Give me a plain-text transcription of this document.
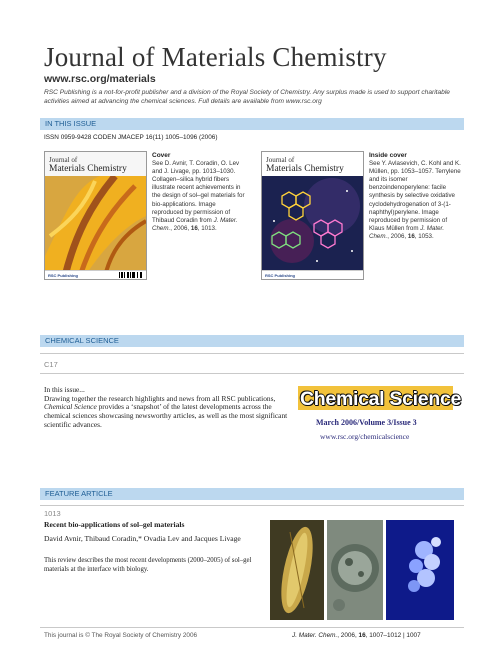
Journal of Materials Chemistry
www.rsc.org/materials
RSC Publishing is a not-for-profit publisher and a division of the Royal Society of Chemistry. Any surplus made is used to support charitable activities aimed at advancing the chemical sciences. Full details are available from www.rsc.org
IN THIS ISSUE
ISSN 0959-9428 CODEN JMACEP 16(11) 1005–1096 (2006)
Journal of
Materials Chemistry
RSC Publishing
Cover
See D. Avnir, T. Coradin, O. Lev and J. Livage, pp. 1013–1030. Collagen–silica hybrid fibers illustrate recent achievements in the design of sol–gel materials for bio-applications. Image reproduced by permission of Thibaud Coradin from J. Mater. Chem., 2006, 16, 1013.
Journal of
Materials Chemistry
RSC Publishing
Inside cover
See Y. Avlasevich, C. Kohl and K. Müllen, pp. 1053–1057. Terrylene and its isomer benzoindenoperylene: facile synthesis by selective oxidative cyclodehydrogenation of 3-(1-naphthyl)perylene. Image reproduced by permission of Klaus Müllen from J. Mater. Chem., 2006, 16, 1053.
CHEMICAL SCIENCE
C17
In this issue...
Drawing together the research highlights and news from all RSC publications, Chemical Science provides a ‘snapshot’ of the latest developments across the chemical sciences showcasing newsworthy articles, as well as the most significant scientific advances.
Chemical Science
March 2006/Volume 3/Issue 3
www.rsc.org/chemicalscience
FEATURE ARTICLE
1013
Recent bio-applications of sol–gel materials
David Avnir, Thibaud Coradin,* Ovadia Lev and Jacques Livage
This review describes the most recent developments (2000–2005) of sol–gel materials at the interface with biology.
This journal is © The Royal Society of Chemistry 2006	J. Mater. Chem., 2006, 16, 1007–1012 | 1007
